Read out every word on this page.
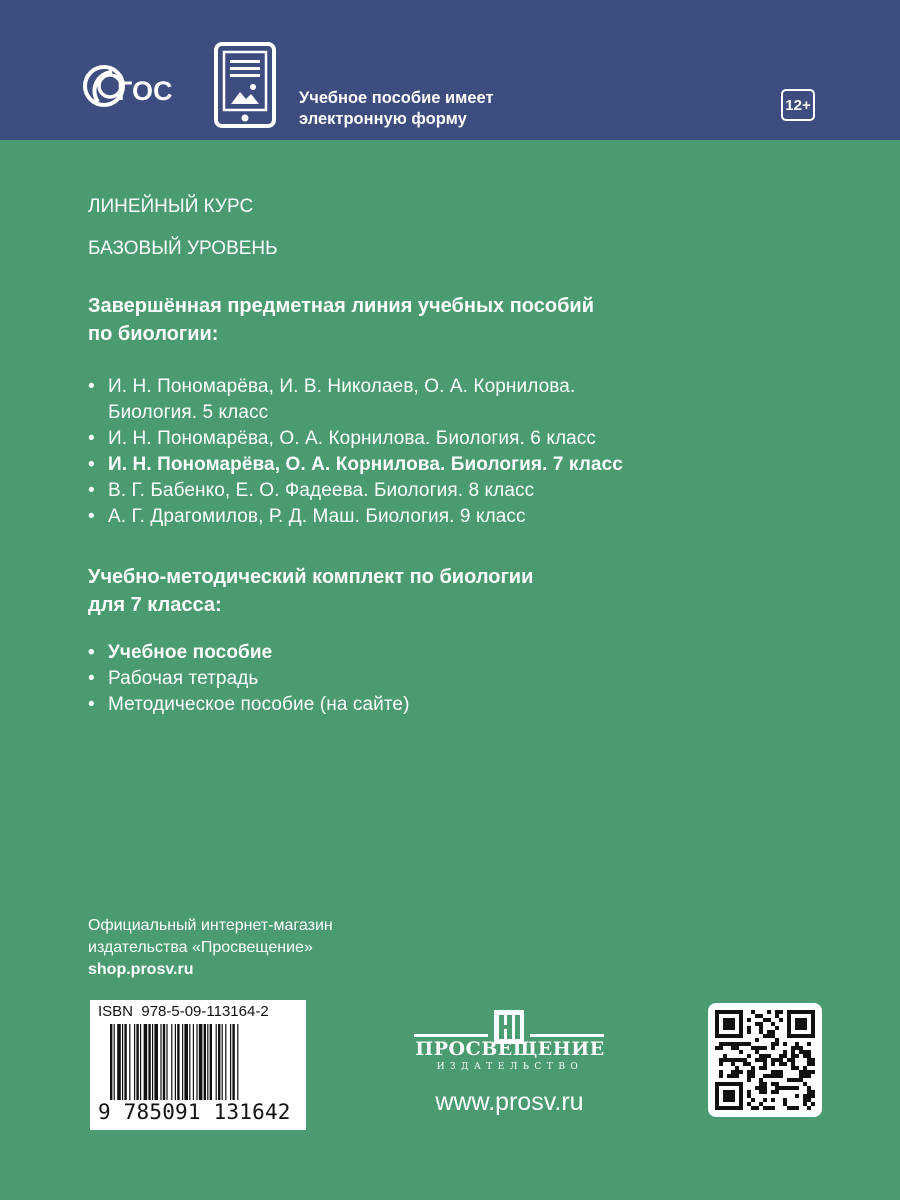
ГОС	Учебное пособие имеет
электронную форму
12+
ЛИНЕЙНЫЙ КУРС
БАЗОВЫЙ УРОВЕНЬ
Завершённая предметная линия учебных пособий
по биологии:
• И. Н. Пономарёва, И. В. Николаев, О. А. Корнилова.
Биология. 5 класс
• И. Н. Пономарёва, О. А. Корнилова. Биология. 6 класс
• И. Н. Пономарёва, О. А. Корнилова. Биология. 7 класс
• В. Г. Бабенко, Е. О. Фадеева. Биология. 8 класс
• А. Г. Драгомилов, Р. Д. Маш. Биология. 9 класс
Учебно-методический комплект по биологии
для 7 класса:
• Учебное пособие
• Рабочая тетрадь
• Методическое пособие (на сайте)
Официальный интернет-магазин
издательства «Просвещение»
shop.prosv.ru
ISBN 978-5-09-113164-2
9 785091 131642
ПРОСВЕЩЕНИЕ
ИЗДАТЕЛЬСТВО
www.prosv.ru
